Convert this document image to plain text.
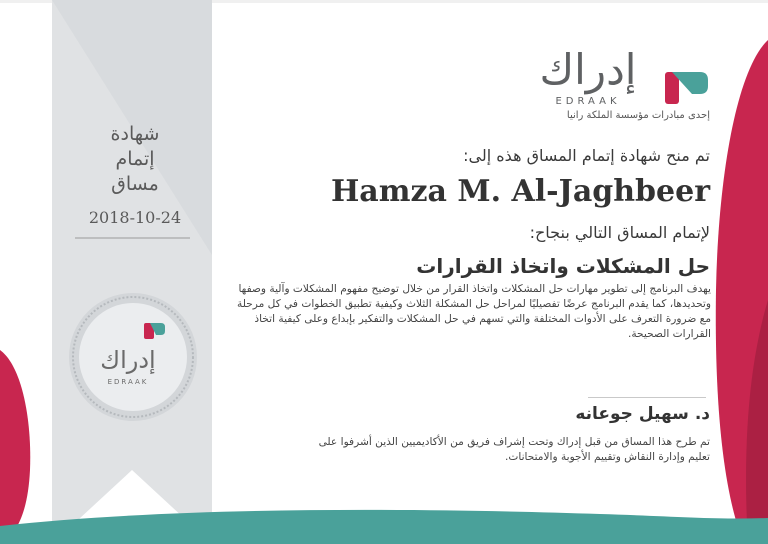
شهادة
إتمام
مساق
2018-10-24
إدراك
EDRAAK
إدراك
EDRAAK
إحدى مبادرات مؤسسة الملكة رانيا
تم منح شهادة إتمام المساق هذه إلى:
Hamza M. Al-Jaghbeer
لإتمام المساق التالي بنجاح:
حل المشكلات واتخاذ القرارات
يهدف البرنامج إلى تطوير مهارات حل المشكلات واتخاذ القرار من خلال توضيح مفهوم المشكلات وآلية وصفها وتحديدها، كما يقدم البرنامج عرضًا تفصيليًا لمراحل حل المشكلة الثلاث وكيفية تطبيق الخطوات في كل مرحلة مع ضرورة التعرف على الأدوات المختلفة والتي تسهم في حل المشكلات والتفكير بإبداع وعلى كيفية اتخاذ القرارات الصحيحة.
د. سهيل جوعانه
تم طرح هذا المساق من قبل إدراك وتحت إشراف فريق من الأكاديميين الذين أشرفوا على تعليم وإدارة النقاش وتقييم الأجوبة والامتحانات.
